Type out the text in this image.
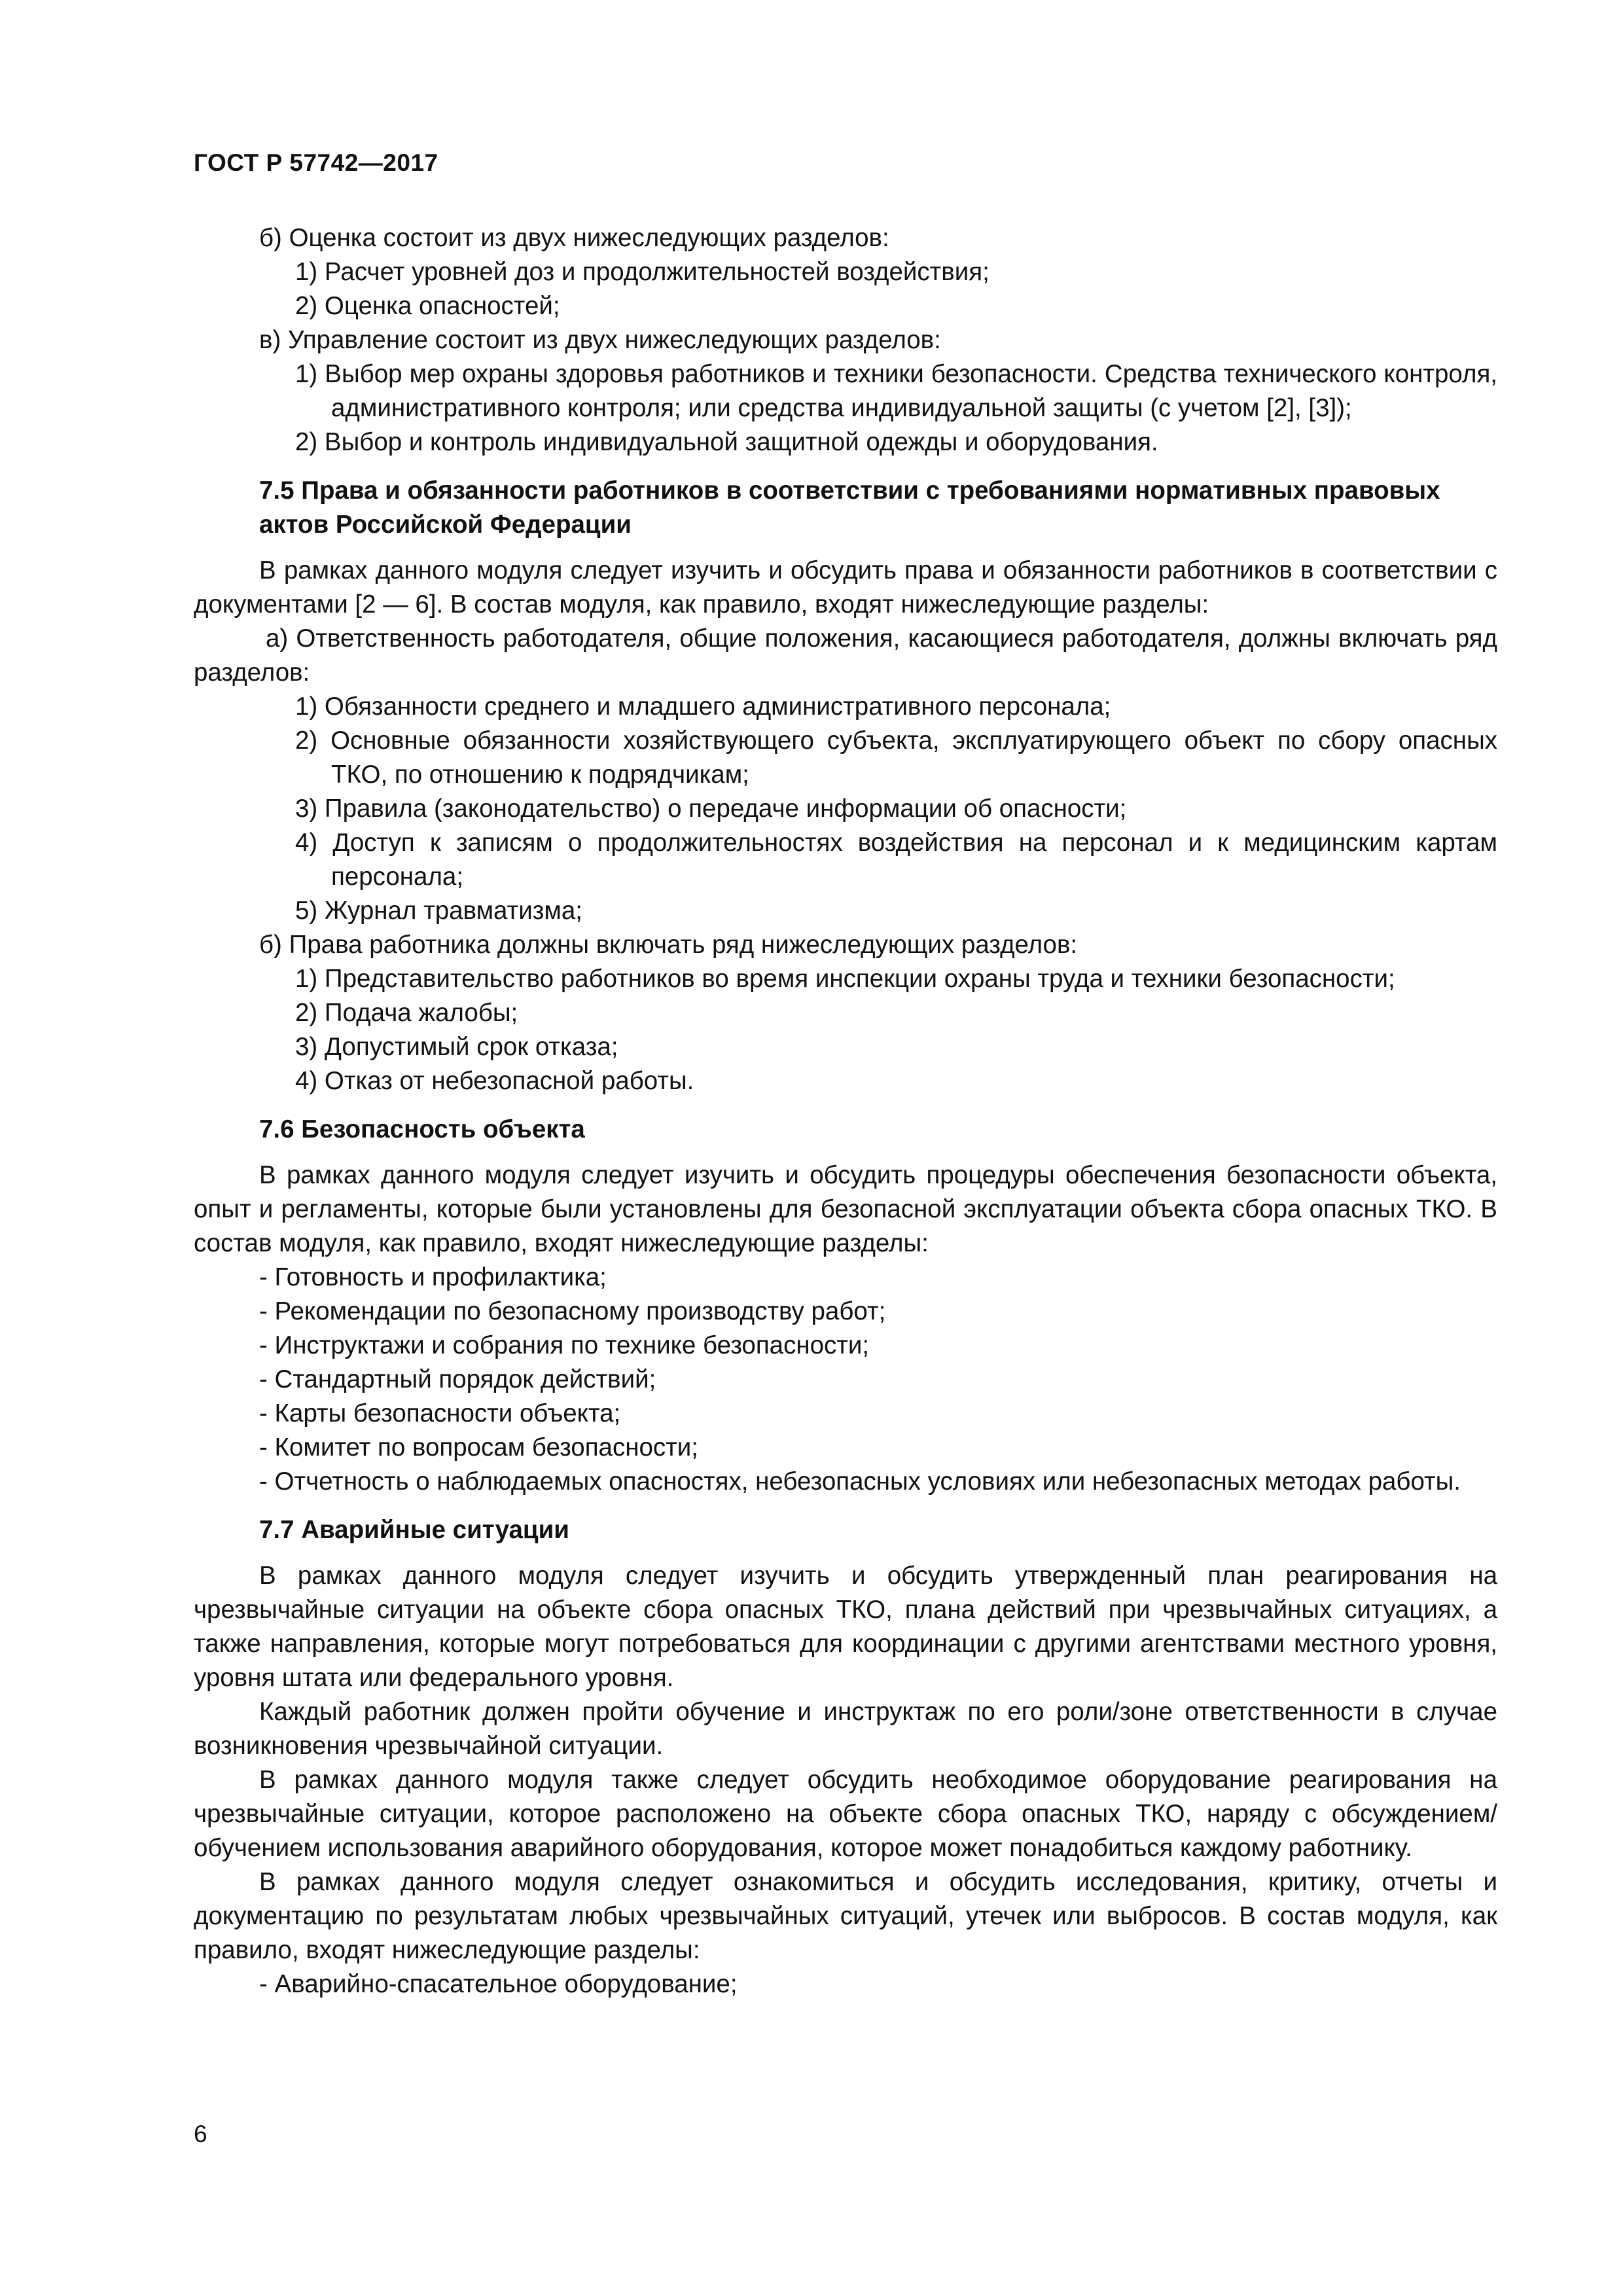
ГОСТ Р 57742—2017

б) Оценка состоит из двух нижеследующих разделов:

1) Расчет уровней доз и продолжительностей воздействия;

2) Оценка опасностей;

в) Управление состоит из двух нижеследующих разделов:

1) Выбор мер охраны здоровья работников и техники безопасности. Средства технического контроля, административного контроля; или средства индивидуальной защиты (с учетом [2], [3]);

2) Выбор и контроль индивидуальной защитной одежды и оборудования.

7.5 Права и обязанности работников в соответствии с требованиями нормативных правовых актов Российской Федерации

В рамках данного модуля следует изучить и обсудить права и обязанности работников в соответствии с документами [2 — 6]. В состав модуля, как правило, входят нижеследующие разделы:

а) Ответственность работодателя, общие положения, касающиеся работодателя, должны включать ряд разделов:

1) Обязанности среднего и младшего административного персонала;

2) Основные обязанности хозяйствующего субъекта, эксплуатирующего объект по сбору опасных ТКО, по отношению к подрядчикам;

3) Правила (законодательство) о передаче информации об опасности;

4) Доступ к записям о продолжительностях воздействия на персонал и к медицинским картам персонала;

5) Журнал травматизма;

б) Права работника должны включать ряд нижеследующих разделов:

1) Представительство работников во время инспекции охраны труда и техники безопасности;

2) Подача жалобы;

3) Допустимый срок отказа;

4) Отказ от небезопасной работы.

7.6 Безопасность объекта

В рамках данного модуля следует изучить и обсудить процедуры обеспечения безопасности объекта, опыт и регламенты, которые были установлены для безопасной эксплуатации объекта сбора опасных ТКО. В состав модуля, как правило, входят нижеследующие разделы:

- Готовность и профилактика;

- Рекомендации по безопасному производству работ;

- Инструктажи и собрания по технике безопасности;

- Стандартный порядок действий;

- Карты безопасности объекта;

- Комитет по вопросам безопасности;

- Отчетность о наблюдаемых опасностях, небезопасных условиях или небезопасных методах работы.

7.7 Аварийные ситуации

В рамках данного модуля следует изучить и обсудить утвержденный план реагирования на чрезвычайные ситуации на объекте сбора опасных ТКО, плана действий при чрезвычайных ситуациях, а также направления, которые могут потребоваться для координации с другими агентствами местного уровня, уровня штата или федерального уровня.

Каждый работник должен пройти обучение и инструктаж по его роли/зоне ответственности в случае возникновения чрезвычайной ситуации.

В рамках данного модуля также следует обсудить необходимое оборудование реагирования на чрезвычайные ситуации, которое расположено на объекте сбора опасных ТКО, наряду с обсуждением/обучением использования аварийного оборудования, которое может понадобиться каждому работнику.

В рамках данного модуля следует ознакомиться и обсудить исследования, критику, отчеты и документацию по результатам любых чрезвычайных ситуаций, утечек или выбросов. В состав модуля, как правило, входят нижеследующие разделы:

- Аварийно-спасательное оборудование;

6
